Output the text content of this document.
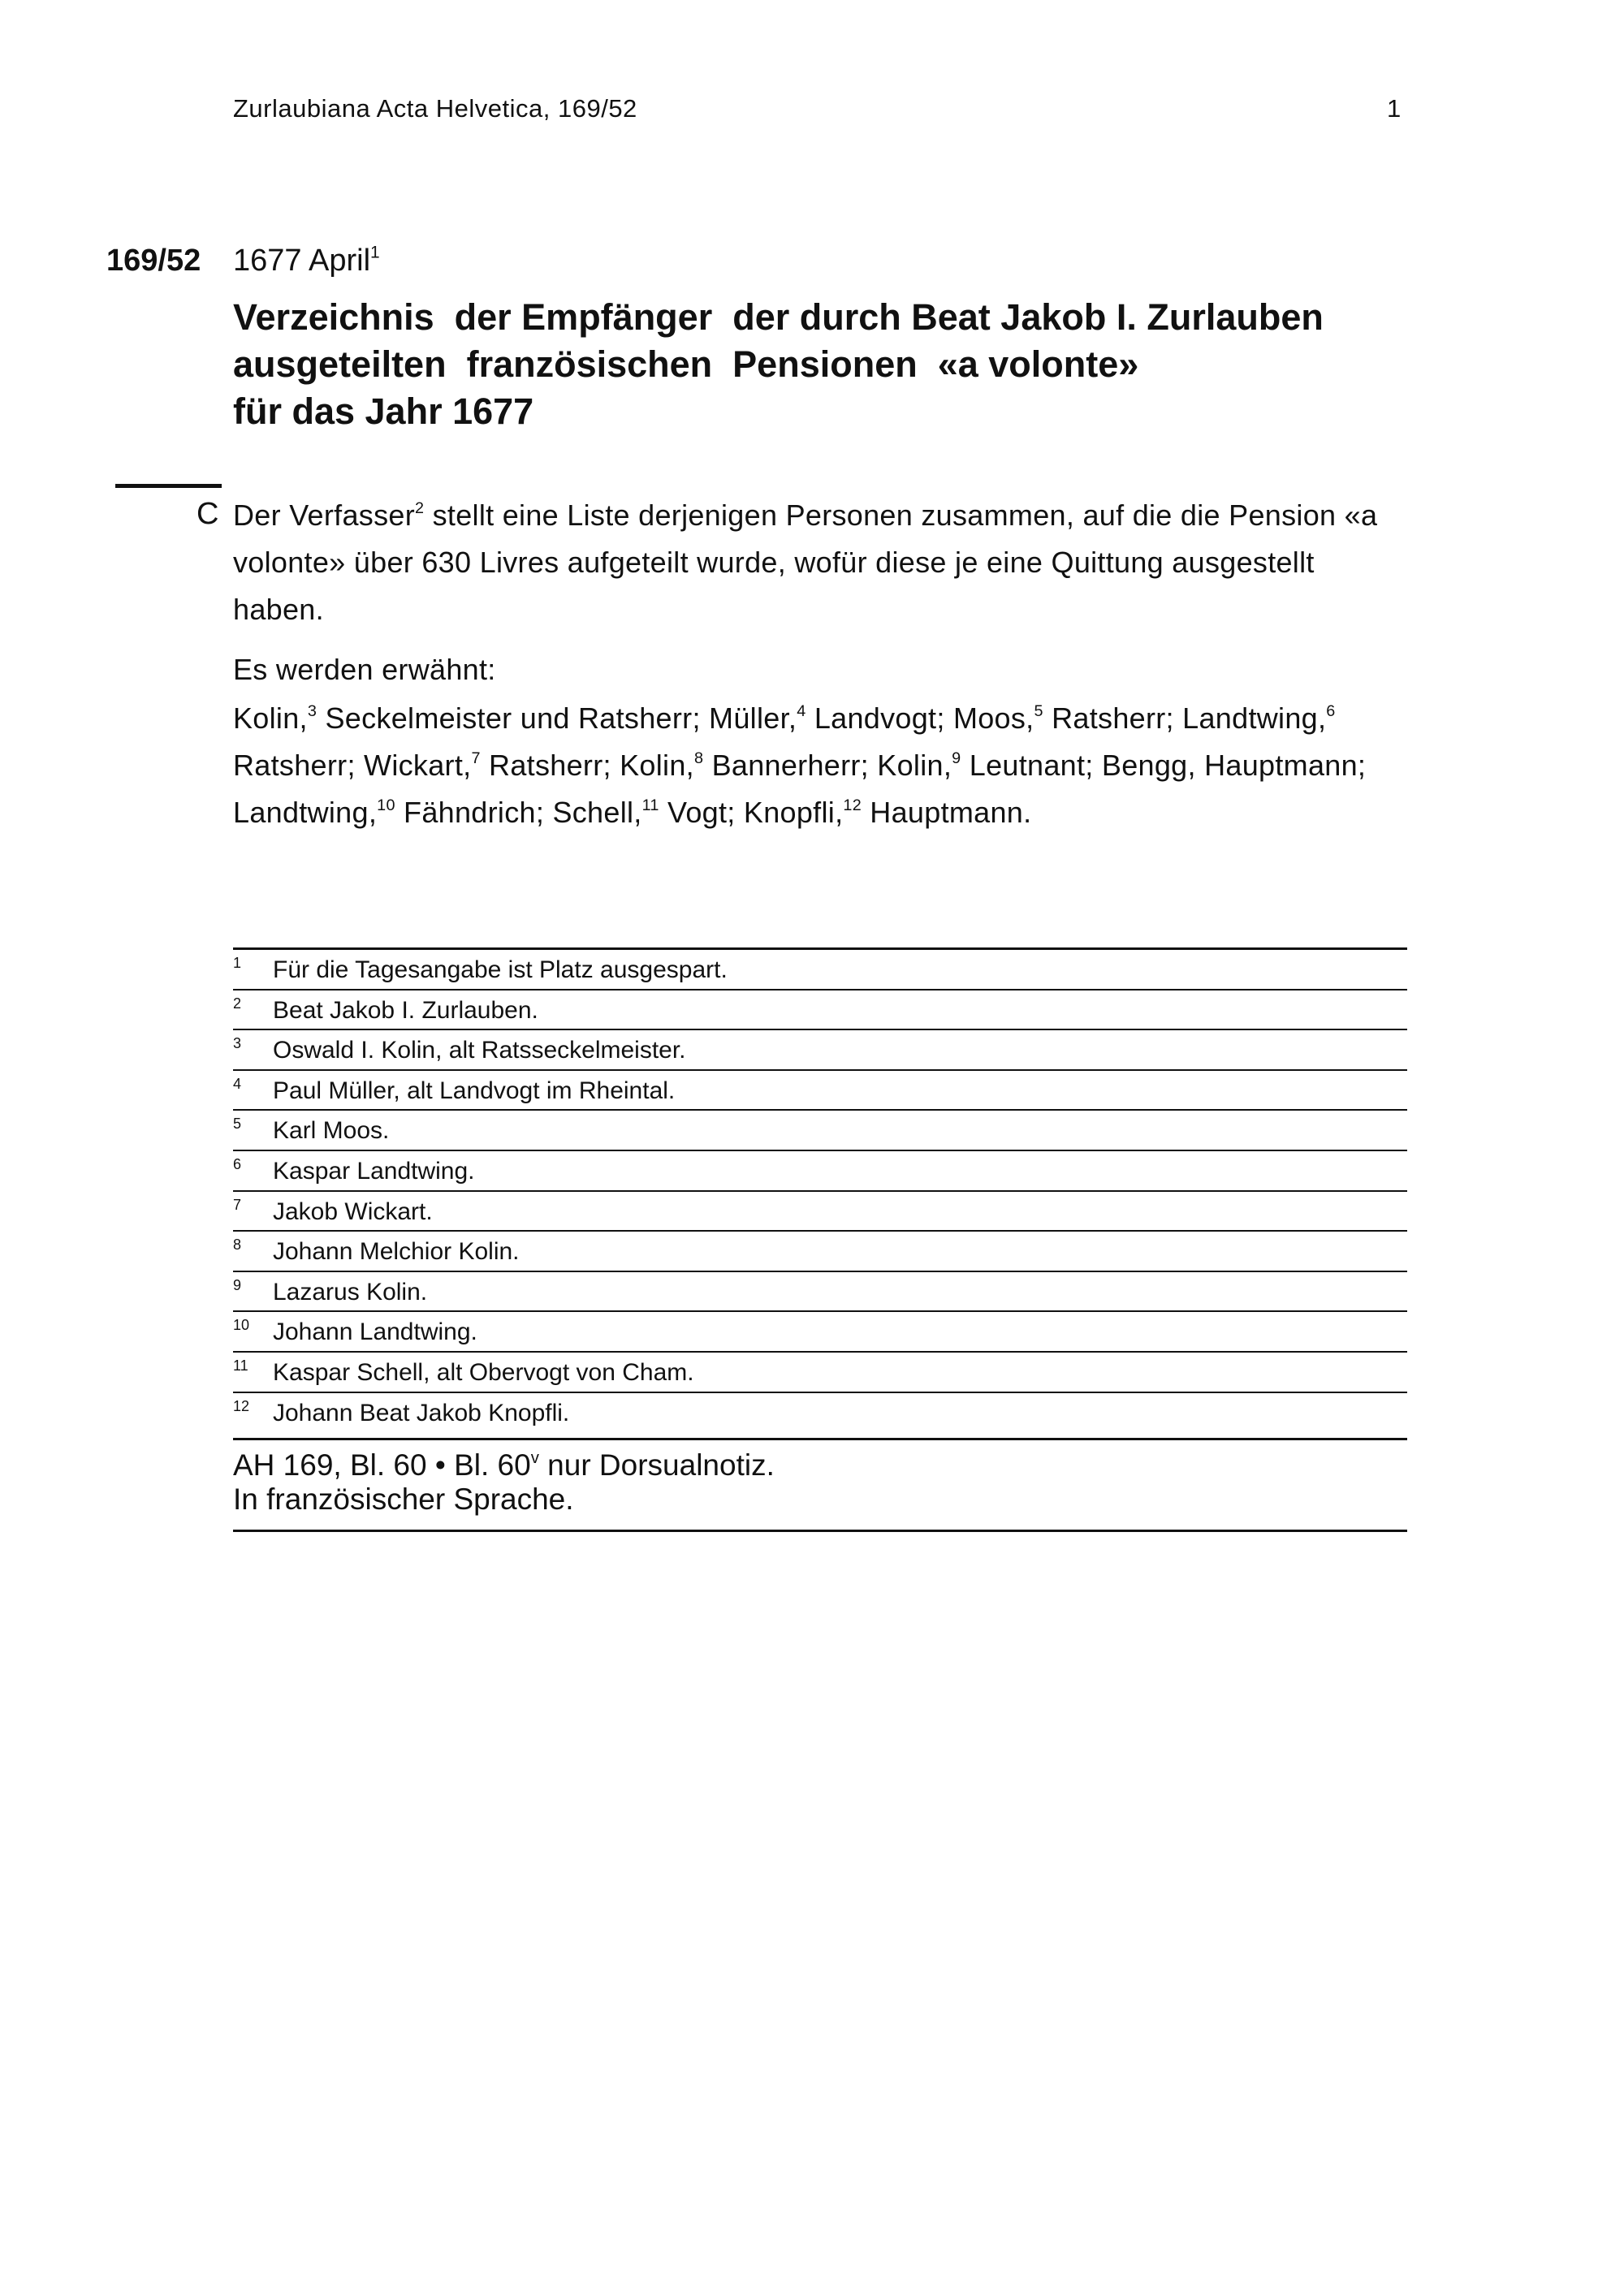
Zurlaubiana Acta Helvetica, 169/52	1
169/52 1677 April$^1$
Verzeichnis  der Empfänger  der durch Beat Jakob I. Zurlauben
ausgeteilten  französischen  Pensionen  «a volonte»
für das Jahr 1677
C Der Verfasser$^2$ stellt eine Liste derjenigen Personen zusammen, auf die die Pension «a volonte» über 630 Livres aufgeteilt wurde, wofür diese je eine Quittung ausgestellt haben.

Es werden erwähnt:
Kolin,$^3$ Seckelmeister und Ratsherr; Müller,$^4$ Landvogt; Moos,$^5$ Ratsherr; Landtwing,$^6$ Ratsherr; Wickart,$^7$ Ratsherr; Kolin,$^8$ Bannerherr; Kolin,$^9$ Leutnant; Bengg, Hauptmann; Landtwing,$^{10}$ Fähndrich; Schell,$^{11}$ Vogt; Knopfli,$^{12}$ Hauptmann.
1 Für die Tagesangabe ist Platz ausgespart.
2 Beat Jakob I. Zurlauben.
3 Oswald I. Kolin, alt Ratsseckelmeister.
4 Paul Müller, alt Landvogt im Rheintal.
5 Karl Moos.
6 Kaspar Landtwing.
7 Jakob Wickart.
8 Johann Melchior Kolin.
9 Lazarus Kolin.
10 Johann Landtwing.
11 Kaspar Schell, alt Obervogt von Cham.
12 Johann Beat Jakob Knopfli.
AH 169, Bl. 60 • Bl. 60$^v$ nur Dorsualnotiz.
In französischer Sprache.
